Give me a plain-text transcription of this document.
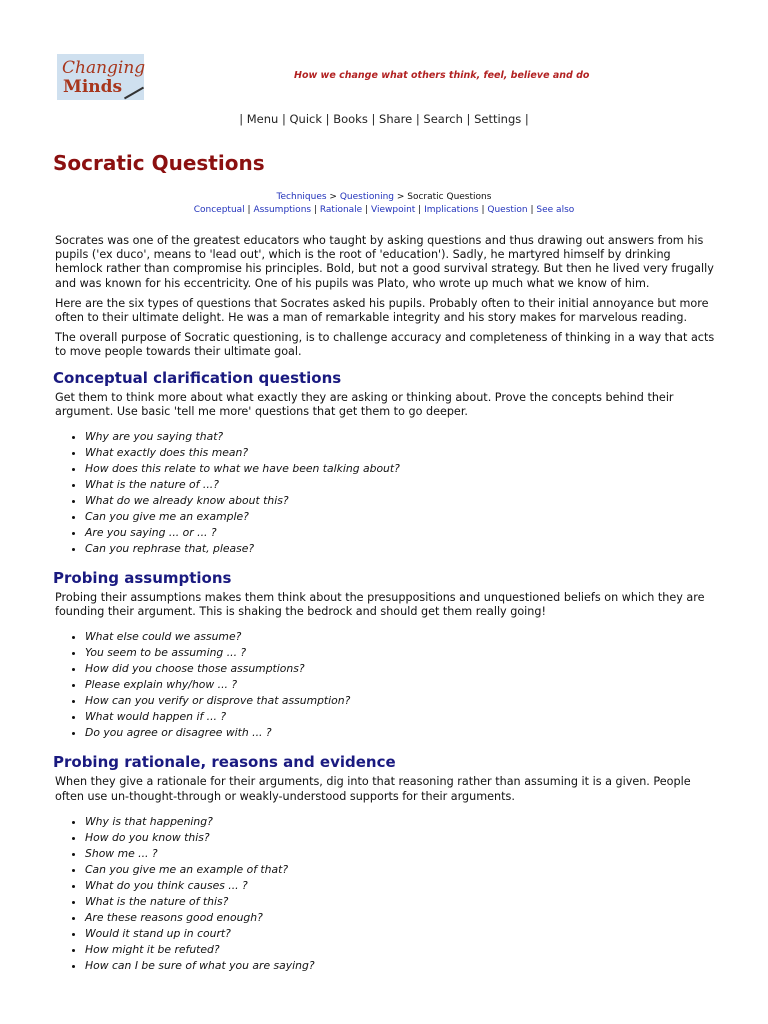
Changing
Minds
How we change what others think, feel, believe and do
| Menu | Quick | Books | Share | Search | Settings |
Socratic Questions
Techniques > Questioning > Socratic Questions
Conceptual | Assumptions | Rationale | Viewpoint | Implications | Question | See also

Socrates was one of the greatest educators who taught by asking questions and thus drawing out answers from his pupils ('ex duco', means to 'lead out', which is the root of 'education'). Sadly, he martyred himself by drinking hemlock rather than compromise his principles. Bold, but not a good survival strategy. But then he lived very frugally and was known for his eccentricity. One of his pupils was Plato, who wrote up much what we know of him.

Here are the six types of questions that Socrates asked his pupils. Probably often to their initial annoyance but more often to their ultimate delight. He was a man of remarkable integrity and his story makes for marvelous reading.

The overall purpose of Socratic questioning, is to challenge accuracy and completeness of thinking in a way that acts to move people towards their ultimate goal.

Conceptual clarification questions

Get them to think more about what exactly they are asking or thinking about. Prove the concepts behind their argument. Use basic 'tell me more' questions that get them to go deeper.

• Why are you saying that?
• What exactly does this mean?
• How does this relate to what we have been talking about?
• What is the nature of ...?
• What do we already know about this?
• Can you give me an example?
• Are you saying ... or ... ?
• Can you rephrase that, please?
Probing assumptions

Probing their assumptions makes them think about the presuppositions and unquestioned beliefs on which they are founding their argument. This is shaking the bedrock and should get them really going!

• What else could we assume?
• You seem to be assuming ... ?
• How did you choose those assumptions?
• Please explain why/how ... ?
• How can you verify or disprove that assumption?
• What would happen if ... ?
• Do you agree or disagree with ... ?
Probing rationale, reasons and evidence

When they give a rationale for their arguments, dig into that reasoning rather than assuming it is a given. People often use un-thought-through or weakly-understood supports for their arguments.

• Why is that happening?
• How do you know this?
• Show me ... ?
• Can you give me an example of that?
• What do you think causes ... ?
• What is the nature of this?
• Are these reasons good enough?
• Would it stand up in court?
• How might it be refuted?
• How can I be sure of what you are saying?
